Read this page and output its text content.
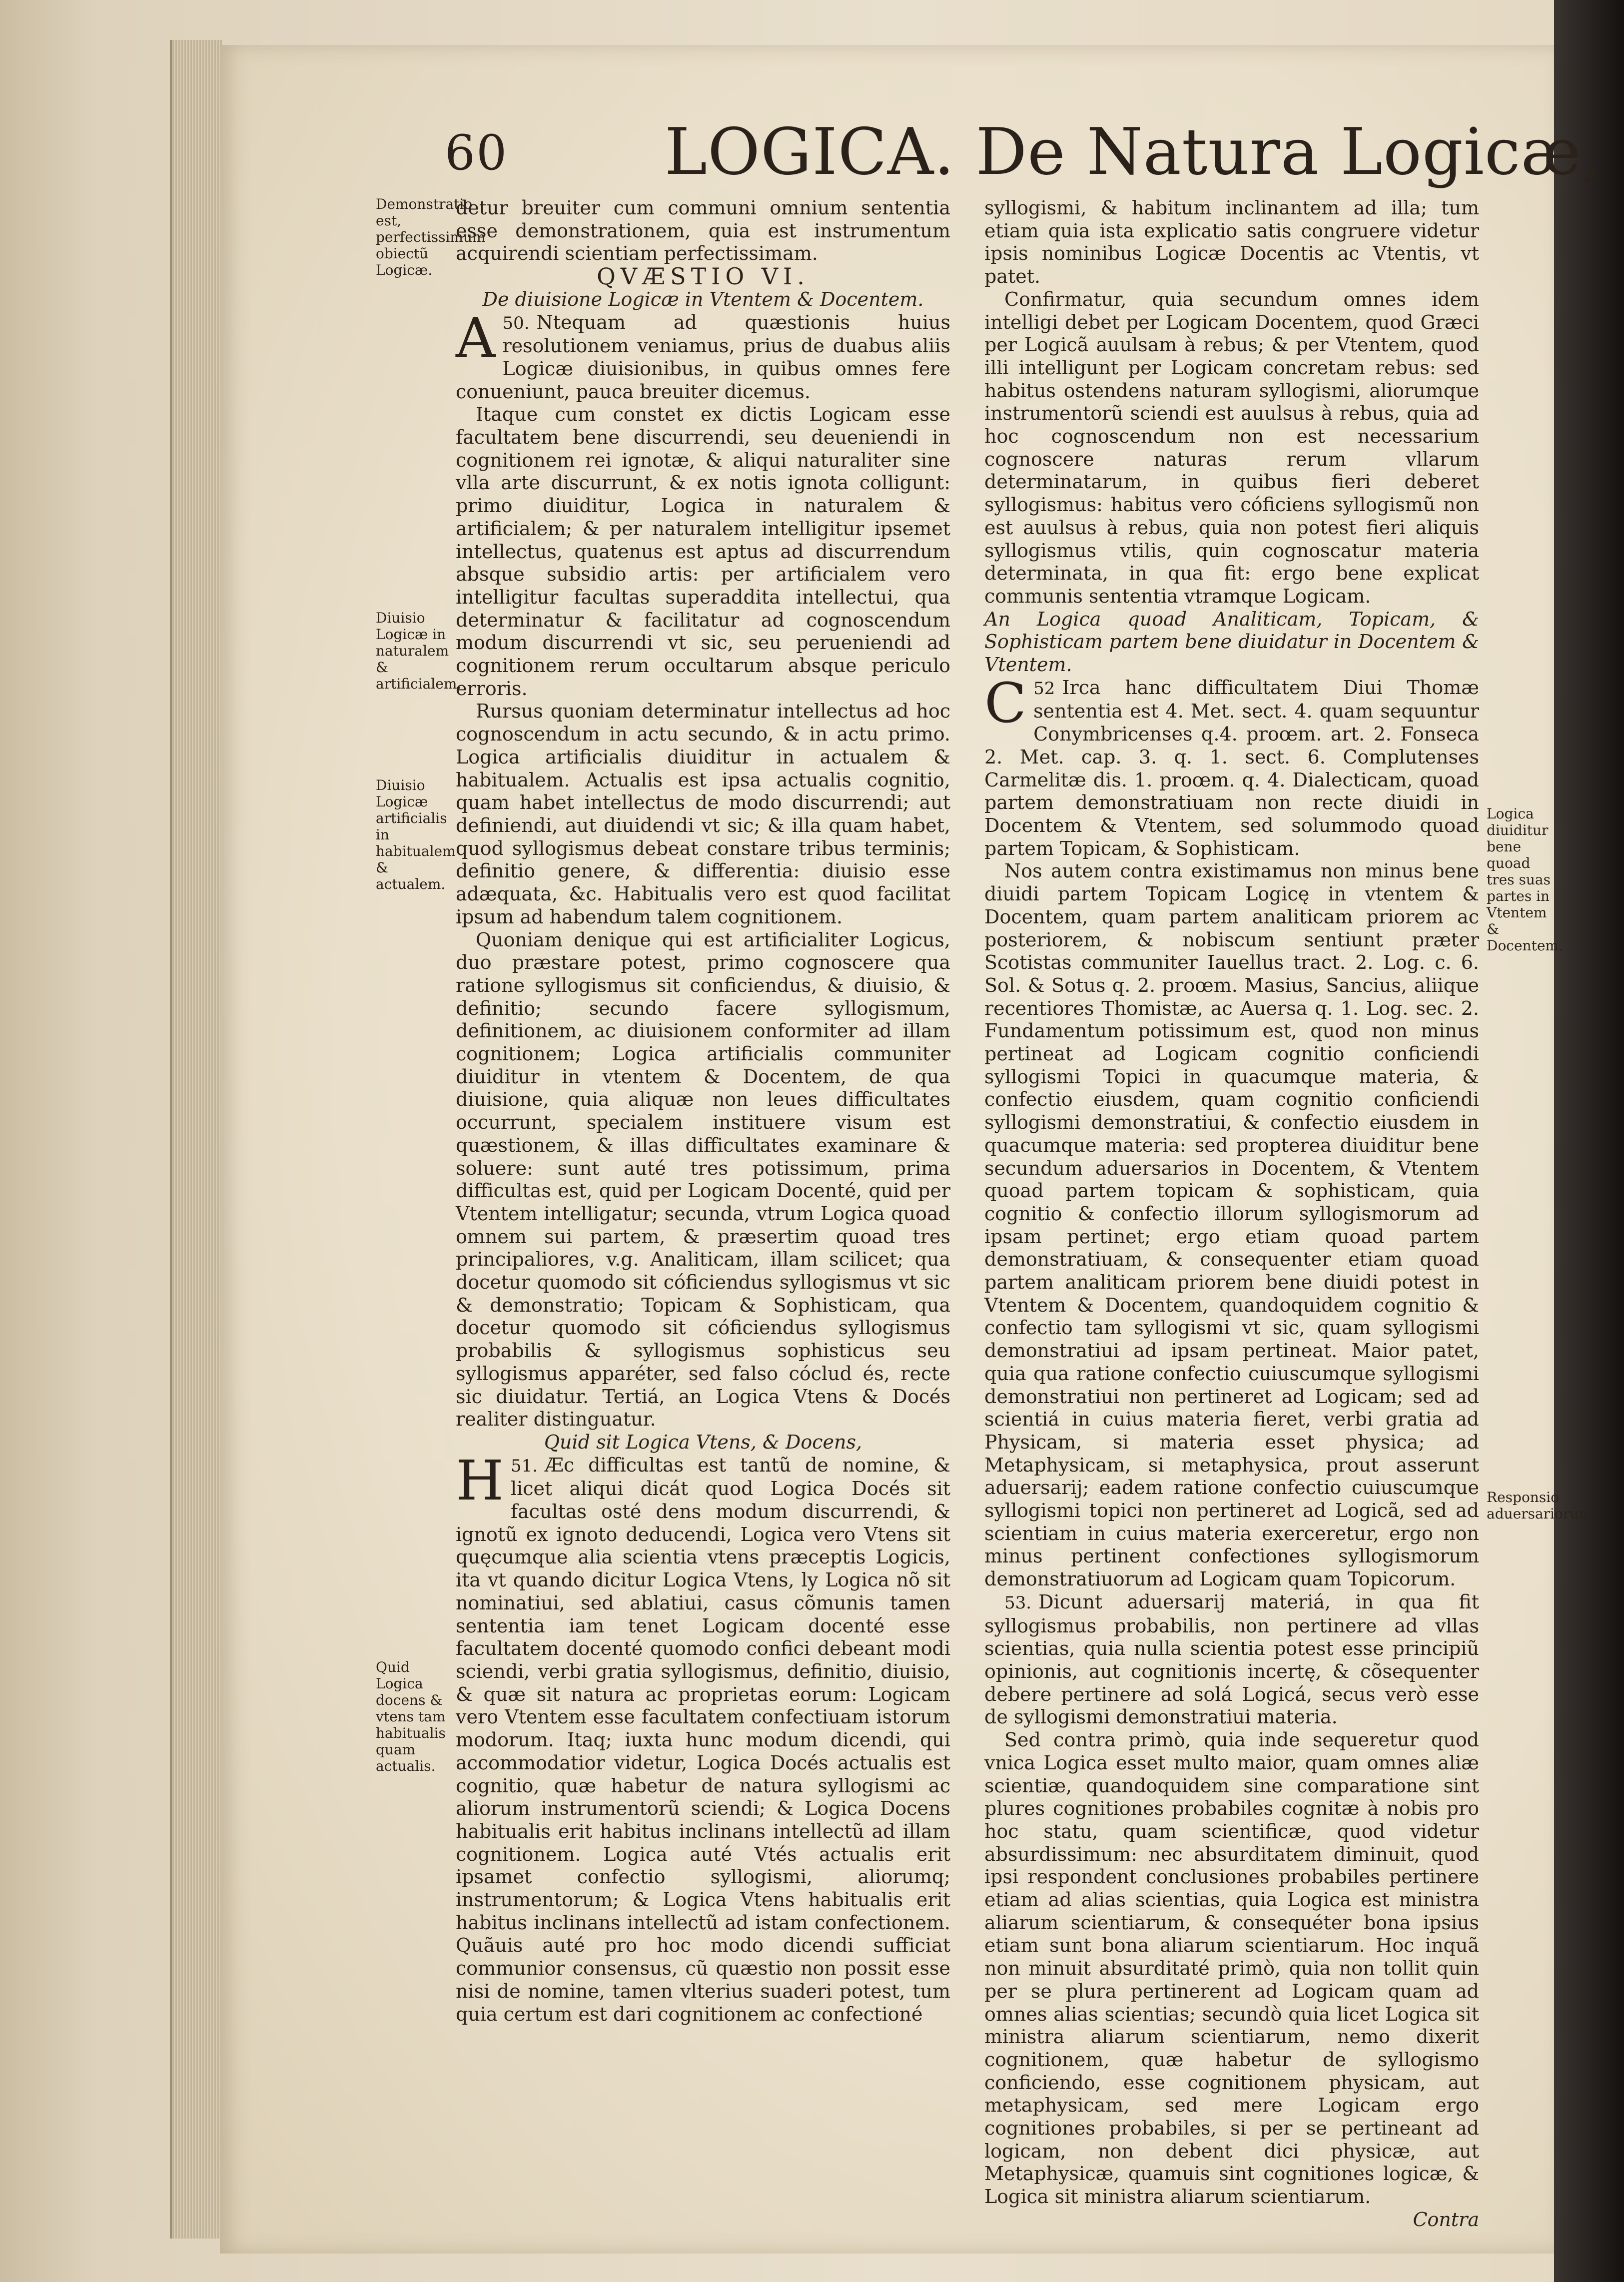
60 LOGICA. De Natura Logicæ,
Demonstratio est, perfectissimum obiectũ Logicæ.
Diuisio Logicæ in naturalem & artificialem.
Diuisio Logicæ artificialis in habitualem & actualem.
Quid Logica docens & vtens tam habitualis quam actualis.
Logica diuiditur bene quoad tres suas partes in Vtentem & Docentem.
Responsio aduersariorum.

detur breuiter cum communi omnium sententia esse demonstrationem, quia est instrumentum acquirendi scientiam perfectissimam.

QVÆSTIO VI.

De diuisione Logicæ in Vtentem & Docentem.

50.
A Ntequam ad quæstionis huius resolutionem veniamus, prius de duabus aliis Logicæ diuisionibus, in quibus omnes fere conueniunt, pauca breuiter dicemus.

Itaque cum constet ex dictis Logicam esse facultatem bene discurrendi, seu deueniendi in cognitionem rei ignotæ, & aliqui naturaliter sine vlla arte discurrunt, & ex notis ignota colligunt: primo diuiditur, Logica in naturalem & artificialem; & per naturalem intelligitur ipsemet intellectus, quatenus est aptus ad discurrendum absque subsidio artis: per artificialem vero intelligitur facultas superaddita intellectui, qua determinatur & facilitatur ad cognoscendum modum discurrendi vt sic, seu perueniendi ad cognitionem rerum occultarum absque periculo erroris.

Rursus quoniam determinatur intellectus ad hoc cognoscendum in actu secundo, & in actu primo. Logica artificialis diuiditur in actualem & habitualem. Actualis est ipsa actualis cognitio, quam habet intellectus de modo discurrendi; aut definiendi, aut diuidendi vt sic; & illa quam habet, quod syllogismus debeat constare tribus terminis; definitio genere, & differentia: diuisio esse adæquata, &c. Habitualis vero est quod facilitat ipsum ad habendum talem cognitionem.

Quoniam denique qui est artificialiter Logicus, duo præstare potest, primo cognoscere qua ratione syllogismus sit conficiendus, & diuisio, & definitio; secundo facere syllogismum, definitionem, ac diuisionem conformiter ad illam cognitionem; Logica artificialis communiter diuiditur in vtentem & Docentem, de qua diuisione, quia aliquæ non leues difficultates occurrunt, specialem instituere visum est quæstionem, & illas difficultates examinare & soluere: sunt auté tres potissimum, prima difficultas est, quid per Logicam Docenté, quid per Vtentem intelligatur; secunda, vtrum Logica quoad omnem sui partem, & præsertim quoad tres principaliores, v.g. Analiticam, illam scilicet; qua docetur quomodo sit cóficiendus syllogismus vt sic & demonstratio; Topicam & Sophisticam, qua docetur quomodo sit cóficiendus syllogismus probabilis & syllogismus sophisticus seu syllogismus apparéter, sed falso cóclud és, recte sic diuidatur. Tertiá, an Logica Vtens & Docés realiter distinguatur.

Quid sit Logica Vtens, & Docens,

51.
H Æc difficultas est tantũ de nomine, & licet aliqui dicát quod Logica Docés sit facultas osté dens modum discurrendi, & ignotũ ex ignoto deducendi, Logica vero Vtens sit quęcumque alia scientia vtens præceptis Logicis, ita vt quando dicitur Logica Vtens, ly Logica nõ sit nominatiui, sed ablatiui, casus cõmunis tamen sententia iam tenet Logicam docenté esse facultatem docenté quomodo confici debeant modi sciendi, verbi gratia syllogismus, definitio, diuisio, & quæ sit natura ac proprietas eorum: Logicam vero Vtentem esse facultatem confectiuam istorum modorum. Itaq; iuxta hunc modum dicendi, qui accommodatior videtur, Logica Docés actualis est cognitio, quæ habetur de natura syllogismi ac aliorum instrumentorũ sciendi; & Logica Docens habitualis erit habitus inclinans intellectũ ad illam cognitionem. Logica auté Vtés actualis erit ipsamet confectio syllogismi, aliorumq; instrumentorum; & Logica Vtens habitualis erit habitus inclinans intellectũ ad istam confectionem. Quãuis auté pro hoc modo dicendi sufficiat communior consensus, cũ quæstio non possit esse nisi de nomine, tamen vlterius suaderi potest, tum quia certum est dari cognitionem ac confectioné

syllogismi, & habitum inclinantem ad illa; tum etiam quia ista explicatio satis congruere videtur ipsis nominibus Logicæ Docentis ac Vtentis, vt patet.

Confirmatur, quia secundum omnes idem intelligi debet per Logicam Docentem, quod Græci per Logicã auulsam à rebus; & per Vtentem, quod illi intelligunt per Logicam concretam rebus: sed habitus ostendens naturam syllogismi, aliorumque instrumentorũ sciendi est auulsus à rebus, quia ad hoc cognoscendum non est necessarium cognoscere naturas rerum vllarum determinatarum, in quibus fieri deberet syllogismus: habitus vero cóficiens syllogismũ non est auulsus à rebus, quia non potest fieri aliquis syllogismus vtilis, quin cognoscatur materia determinata, in qua fit: ergo bene explicat communis sententia vtramque Logicam.

An Logica quoad Analiticam, Topicam, & Sophisticam partem bene diuidatur in Docentem & Vtentem.

52
C Irca hanc difficultatem Diui Thomæ sententia est 4. Met. sect. 4. quam sequuntur Conymbricenses q.4. proœm. art. 2. Fonseca 2. Met. cap. 3. q. 1. sect. 6. Complutenses Carmelitæ dis. 1. proœm. q. 4. Dialecticam, quoad partem demonstratiuam non recte diuidi in Docentem & Vtentem, sed solummodo quoad partem Topicam, & Sophisticam.

Nos autem contra existimamus non minus bene diuidi partem Topicam Logicę in vtentem & Docentem, quam partem analiticam priorem ac posteriorem, & nobiscum sentiunt præter Scotistas communiter Iauellus tract. 2. Log. c. 6. Sol. & Sotus q. 2. proœm. Masius, Sancius, aliique recentiores Thomistæ, ac Auersa q. 1. Log. sec. 2. Fundamentum potissimum est, quod non minus pertineat ad Logicam cognitio conficiendi syllogismi Topici in quacumque materia, & confectio eiusdem, quam cognitio conficiendi syllogismi demonstratiui, & confectio eiusdem in quacumque materia: sed propterea diuiditur bene secundum aduersarios in Docentem, & Vtentem quoad partem topicam & sophisticam, quia cognitio & confectio illorum syllogismorum ad ipsam pertinet; ergo etiam quoad partem demonstratiuam, & consequenter etiam quoad partem analiticam priorem bene diuidi potest in Vtentem & Docentem, quandoquidem cognitio & confectio tam syllogismi vt sic, quam syllogismi demonstratiui ad ipsam pertineat. Maior patet, quia qua ratione confectio cuiuscumque syllogismi demonstratiui non pertineret ad Logicam; sed ad scientiá in cuius materia fieret, verbi gratia ad Physicam, si materia esset physica; ad Metaphysicam, si metaphysica, prout asserunt aduersarij; eadem ratione confectio cuiuscumque syllogismi topici non pertineret ad Logicã, sed ad scientiam in cuius materia exerceretur, ergo non minus pertinent confectiones syllogismorum demonstratiuorum ad Logicam quam Topicorum.

53. Dicunt aduersarij materiá, in qua fit syllogismus probabilis, non pertinere ad vllas scientias, quia nulla scientia potest esse principiũ opinionis, aut cognitionis incertę, & cõsequenter debere pertinere ad solá Logicá, secus verò esse de syllogismi demonstratiui materia.

Sed contra primò, quia inde sequeretur quod vnica Logica esset multo maior, quam omnes aliæ scientiæ, quandoquidem sine comparatione sint plures cognitiones probabiles cognitæ à nobis pro hoc statu, quam scientificæ, quod videtur absurdissimum: nec absurditatem diminuit, quod ipsi respondent conclusiones probabiles pertinere etiam ad alias scientias, quia Logica est ministra aliarum scientiarum, & consequéter bona ipsius etiam sunt bona aliarum scientiarum. Hoc inquã non minuit absurditaté primò, quia non tollit quin per se plura pertinerent ad Logicam quam ad omnes alias scientias; secundò quia licet Logica sit ministra aliarum scientiarum, nemo dixerit cognitionem, quæ habetur de syllogismo conficiendo, esse cognitionem physicam, aut metaphysicam, sed mere Logicam ergo cognitiones probabiles, si per se pertineant ad logicam, non debent dici physicæ, aut Metaphysicæ, quamuis sint cognitiones logicæ, & Logica sit ministra aliarum scientiarum.

Contra
